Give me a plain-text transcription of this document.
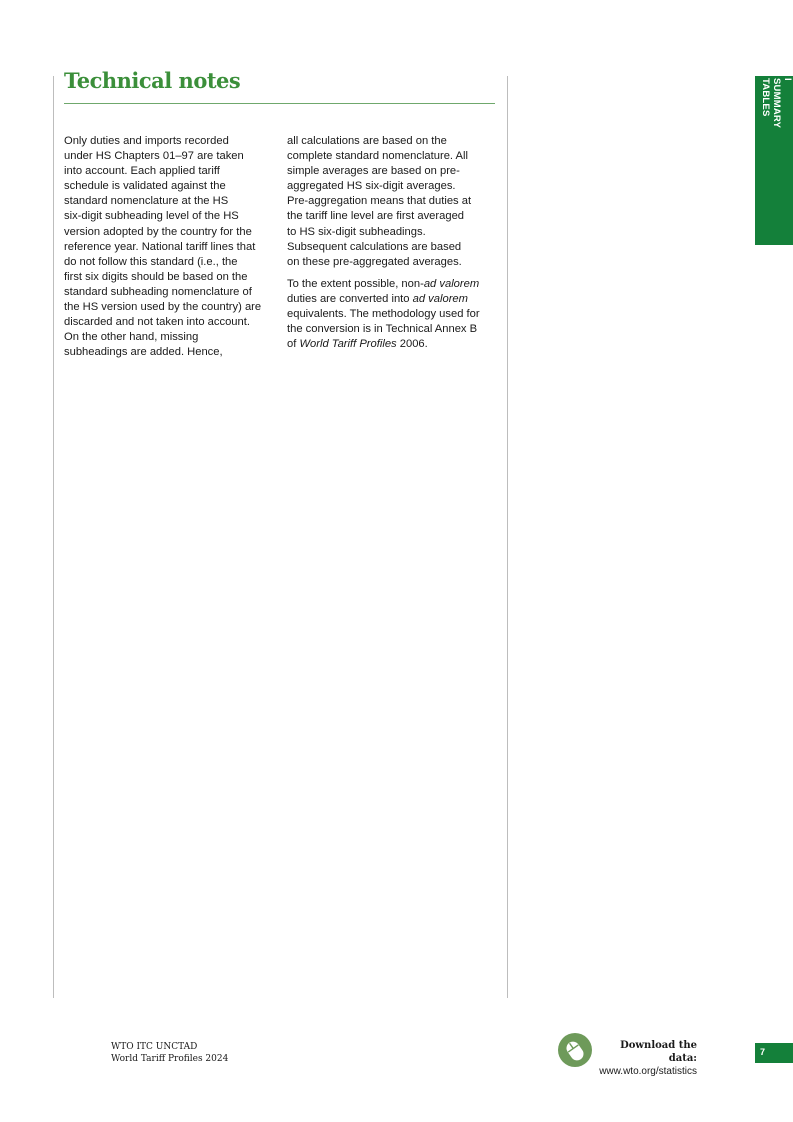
Technical notes

Only duties and imports recorded
under HS Chapters 01–97 are taken
into account. Each applied tariff
schedule is validated against the
standard nomenclature at the HS
six-digit subheading level of the HS
version adopted by the country for the
reference year. National tariff lines that
do not follow this standard (i.e., the
first six digits should be based on the
standard subheading nomenclature of
the HS version used by the country) are
discarded and not taken into account.
On the other hand, missing
subheadings are added. Hence,

all calculations are based on the
complete standard nomenclature. All
simple averages are based on pre-
aggregated HS six-digit averages.
Pre-aggregation means that duties at
the tariff line level are first averaged
to HS six-digit subheadings.
Subsequent calculations are based
on these pre-aggregated averages.

To the extent possible, non-ad valorem
duties are converted into ad valorem
equivalents. The methodology used for
the conversion is in Technical Annex B
of World Tariff Profiles 2006.

I
SUMMARY
TABLES
WTO ITC UNCTAD
World Tariff Profiles 2024
Download the data:
www.wto.org/statistics
7
